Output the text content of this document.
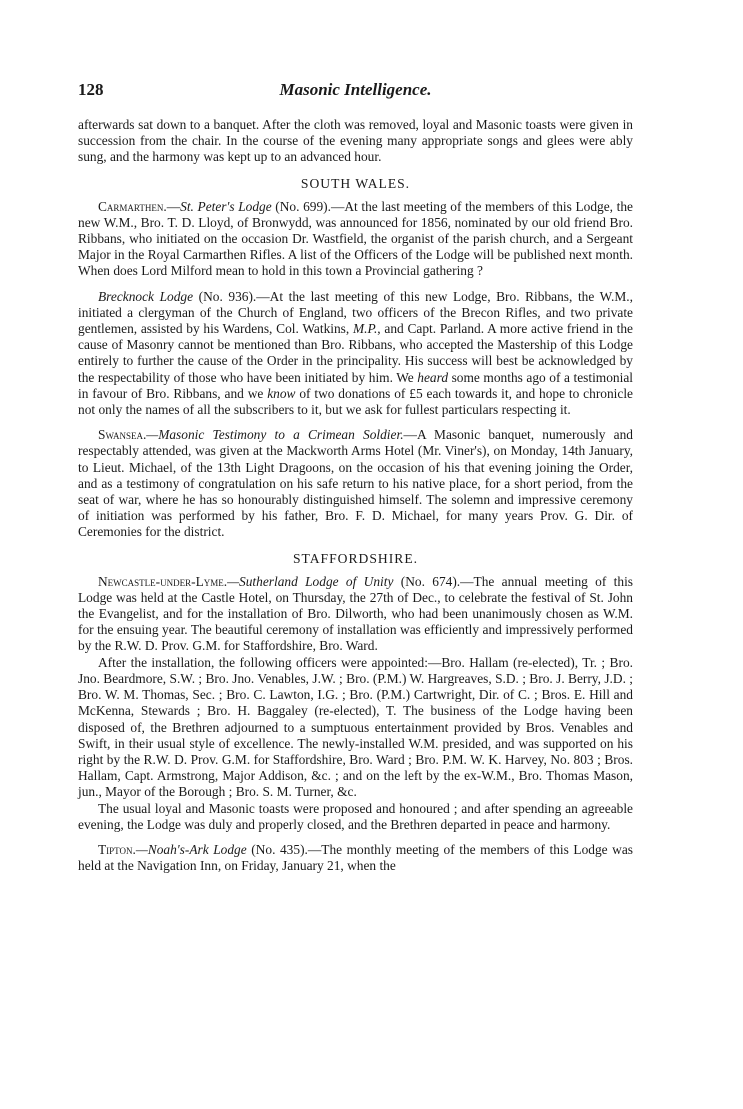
128	Masonic Intelligence.

afterwards sat down to a banquet. After the cloth was removed, loyal and Masonic toasts were given in succession from the chair. In the course of the evening many appropriate songs and glees were ably sung, and the harmony was kept up to an advanced hour.

SOUTH WALES.

Carmarthen.—St. Peter's Lodge (No. 699).—At the last meeting of the members of this Lodge, the new W.M., Bro. T. D. Lloyd, of Bronwydd, was announced for 1856, nominated by our old friend Bro. Ribbans, who initiated on the occasion Dr. Wastfield, the organist of the parish church, and a Sergeant Major in the Royal Carmarthen Rifles. A list of the Officers of the Lodge will be published next month. When does Lord Milford mean to hold in this town a Provincial gathering ?

Brecknock Lodge (No. 936).—At the last meeting of this new Lodge, Bro. Ribbans, the W.M., initiated a clergyman of the Church of England, two officers of the Brecon Rifles, and two private gentlemen, assisted by his Wardens, Col. Watkins, M.P., and Capt. Parland. A more active friend in the cause of Masonry cannot be mentioned than Bro. Ribbans, who accepted the Mastership of this Lodge entirely to further the cause of the Order in the principality. His success will best be acknowledged by the respectability of those who have been initiated by him. We heard some months ago of a testimonial in favour of Bro. Ribbans, and we know of two donations of £5 each towards it, and hope to chronicle not only the names of all the subscribers to it, but we ask for fullest particulars respecting it.

Swansea.—Masonic Testimony to a Crimean Soldier.—A Masonic banquet, numerously and respectably attended, was given at the Mackworth Arms Hotel (Mr. Viner's), on Monday, 14th January, to Lieut. Michael, of the 13th Light Dragoons, on the occasion of his that evening joining the Order, and as a testimony of congratulation on his safe return to his native place, for a short period, from the seat of war, where he has so honourably distinguished himself. The solemn and impressive ceremony of initiation was performed by his father, Bro. F. D. Michael, for many years Prov. G. Dir. of Ceremonies for the district.

STAFFORDSHIRE.

Newcastle-under-Lyme.—Sutherland Lodge of Unity (No. 674).—The annual meeting of this Lodge was held at the Castle Hotel, on Thursday, the 27th of Dec., to celebrate the festival of St. John the Evangelist, and for the installation of Bro. Dilworth, who had been unanimously chosen as W.M. for the ensuing year. The beautiful ceremony of installation was efficiently and impressively performed by the R.W. D. Prov. G.M. for Staffordshire, Bro. Ward.

After the installation, the following officers were appointed:—Bro. Hallam (re-elected), Tr. ; Bro. Jno. Beardmore, S.W. ; Bro. Jno. Venables, J.W. ; Bro. (P.M.) W. Hargreaves, S.D. ; Bro. J. Berry, J.D. ; Bro. W. M. Thomas, Sec. ; Bro. C. Lawton, I.G. ; Bro. (P.M.) Cartwright, Dir. of C. ; Bros. E. Hill and McKenna, Stewards ; Bro. H. Baggaley (re-elected), T. The business of the Lodge having been disposed of, the Brethren adjourned to a sumptuous entertainment provided by Bros. Venables and Swift, in their usual style of excellence. The newly-installed W.M. presided, and was supported on his right by the R.W. D. Prov. G.M. for Staffordshire, Bro. Ward ; Bro. P.M. W. K. Harvey, No. 803 ; Bros. Hallam, Capt. Armstrong, Major Addison, &c. ; and on the left by the ex-W.M., Bro. Thomas Mason, jun., Mayor of the Borough ; Bro. S. M. Turner, &c.

The usual loyal and Masonic toasts were proposed and honoured ; and after spending an agreeable evening, the Lodge was duly and properly closed, and the Brethren departed in peace and harmony.

Tipton.—Noah's-Ark Lodge (No. 435).—The monthly meeting of the members of this Lodge was held at the Navigation Inn, on Friday, January 21, when the
